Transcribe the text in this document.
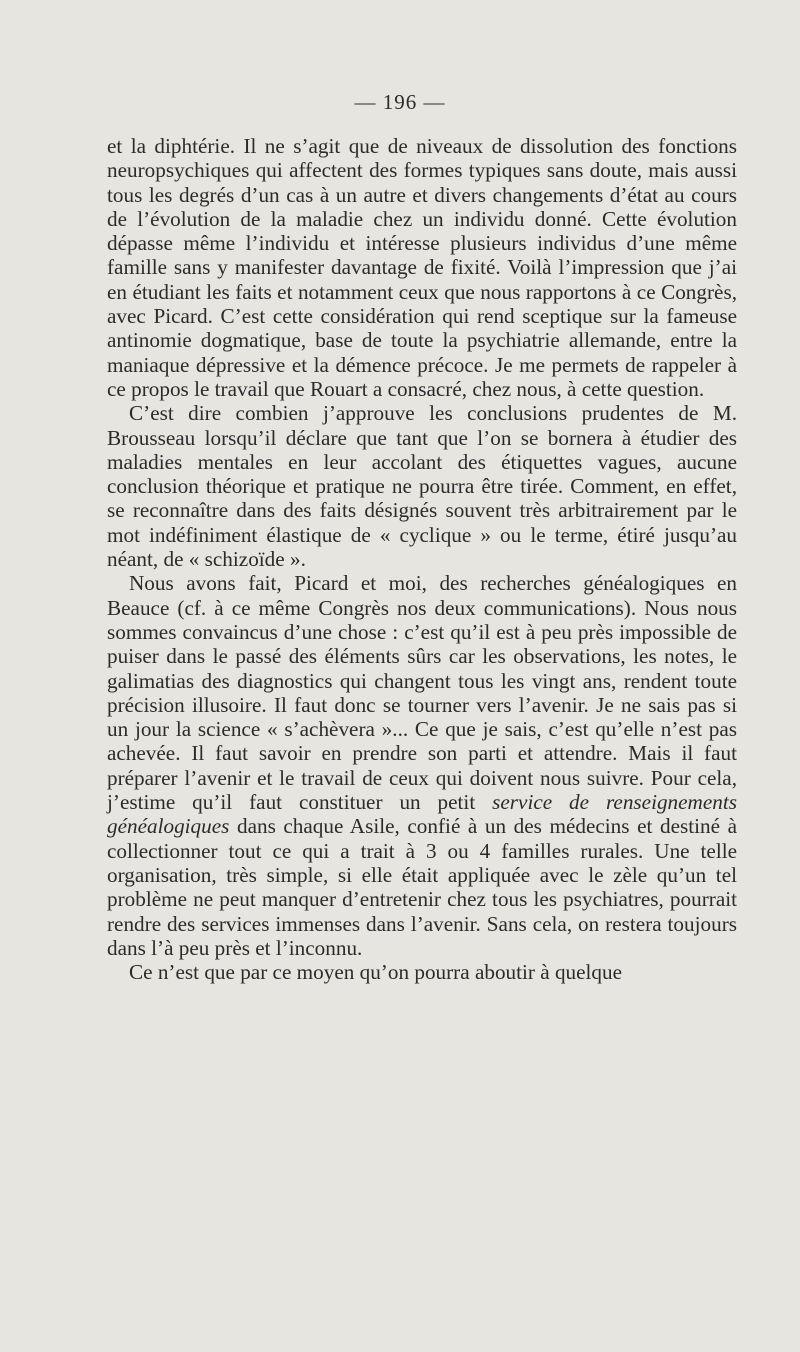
— 196 —

et la diphtérie. Il ne s’agit que de niveaux de dissolution des fonctions neuropsychiques qui affectent des formes typiques sans doute, mais aussi tous les degrés d’un cas à un autre et divers changements d’état au cours de l’évolution de la maladie chez un individu donné. Cette évolution dépasse même l’individu et intéresse plusieurs individus d’une même famille sans y manifester davantage de fixité. Voilà l’impression que j’ai en étudiant les faits et notamment ceux que nous rapportons à ce Congrès, avec Picard. C’est cette considération qui rend sceptique sur la fameuse antinomie dogmatique, base de toute la psychiatrie allemande, entre la maniaque dépressive et la démence précoce. Je me permets de rappeler à ce propos le travail que Rouart a consacré, chez nous, à cette question.

C’est dire combien j’approuve les conclusions prudentes de M. Brousseau lorsqu’il déclare que tant que l’on se bornera à étudier des maladies mentales en leur accolant des étiquettes vagues, aucune conclusion théorique et pratique ne pourra être tirée. Comment, en effet, se reconnaître dans des faits désignés souvent très arbitrairement par le mot indéfiniment élastique de « cyclique » ou le terme, étiré jusqu’au néant, de « schizoïde ».

Nous avons fait, Picard et moi, des recherches généalogiques en Beauce (cf. à ce même Congrès nos deux communications). Nous nous sommes convaincus d’une chose : c’est qu’il est à peu près impossible de puiser dans le passé des éléments sûrs car les observations, les notes, le galimatias des diagnostics qui changent tous les vingt ans, rendent toute précision illusoire. Il faut donc se tourner vers l’avenir. Je ne sais pas si un jour la science « s’achèvera »... Ce que je sais, c’est qu’elle n’est pas achevée. Il faut savoir en prendre son parti et attendre. Mais il faut préparer l’avenir et le travail de ceux qui doivent nous suivre. Pour cela, j’estime qu’il faut constituer un petit service de renseignements généalogiques dans chaque Asile, confié à un des médecins et destiné à collectionner tout ce qui a trait à 3 ou 4 familles rurales. Une telle organisation, très simple, si elle était appliquée avec le zèle qu’un tel problème ne peut manquer d’entretenir chez tous les psychiatres, pourrait rendre des services immenses dans l’avenir. Sans cela, on restera toujours dans l’à peu près et l’inconnu.

Ce n’est que par ce moyen qu’on pourra aboutir à quelque
